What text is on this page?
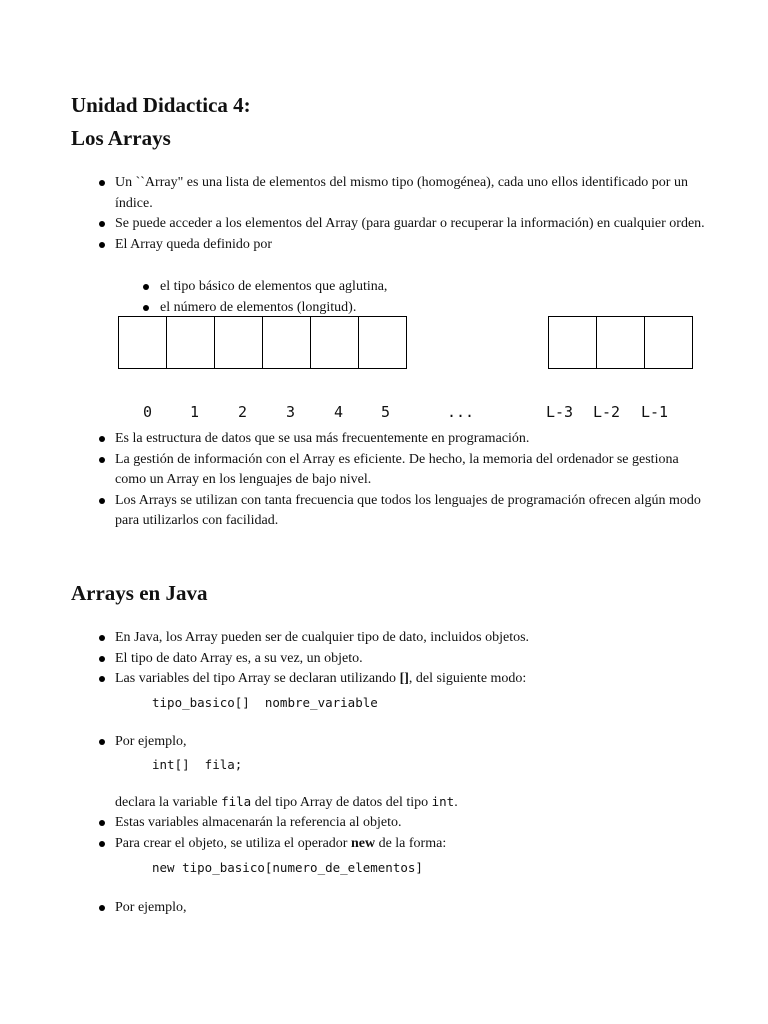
Unidad Didactica 4:
Los Arrays
Un ``Array" es una lista de elementos del mismo tipo (homogénea), cada uno ellos identificado por un índice.
Se puede acceder a los elementos del Array (para guardar o recuperar la información) en cualquier orden.
El Array queda definido por
el tipo básico de elementos que aglutina,
el número de elementos (longitud).
0	1	2	3	4	5	...	L-3	L-2	L-1
Es la estructura de datos que se usa más frecuentemente en programación.
La gestión de información con el Array es eficiente. De hecho, la memoria del ordenador se gestiona como un Array en los lenguajes de bajo nivel.
Los Arrays se utilizan con tanta frecuencia que todos los lenguajes de programación ofrecen algún modo para utilizarlos con facilidad.
Arrays en Java
En Java, los Array pueden ser de cualquier tipo de dato, incluidos objetos.
El tipo de dato Array es, a su vez, un objeto.
Las variables del tipo Array se declaran utilizando [], del siguiente modo:
tipo_basico[]  nombre_variable
Por ejemplo,
int[]  fila;
declara la variable fila del tipo Array de datos del tipo int.
Estas variables almacenarán la referencia al objeto.
Para crear el objeto, se utiliza el operador new de la forma:
new tipo_basico[numero_de_elementos]
Por ejemplo,
